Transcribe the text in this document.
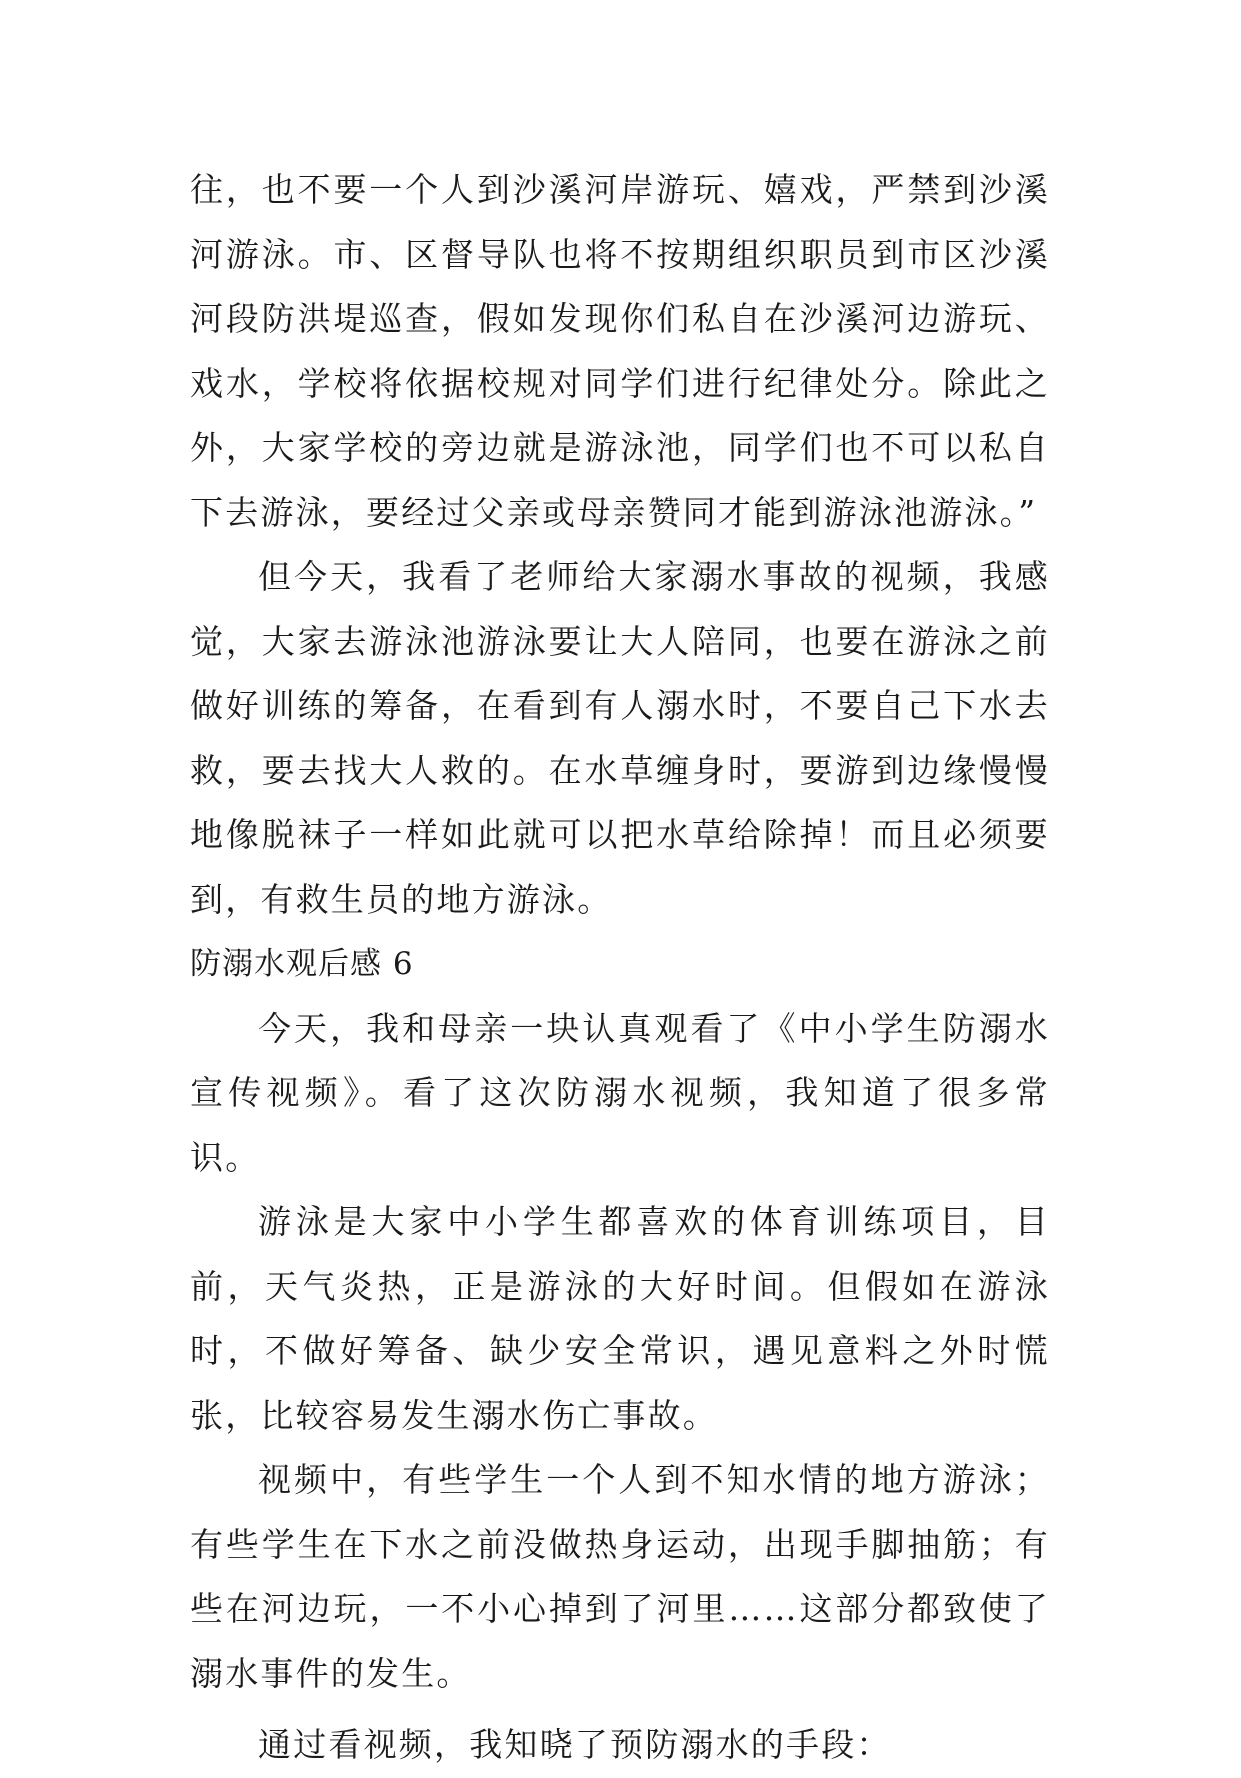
往，也不要一个人到沙溪河岸游玩、嬉戏，严禁到沙溪河游泳。市、区督导队也将不按期组织职员到市区沙溪河段防洪堤巡查，假如发现你们私自在沙溪河边游玩、戏水，学校将依据校规对同学们进行纪律处分。除此之外，大家学校的旁边就是游泳池，同学们也不可以私自下去游泳，要经过父亲或母亲赞同才能到游泳池游泳。”

但今天，我看了老师给大家溺水事故的视频，我感觉，大家去游泳池游泳要让大人陪同，也要在游泳之前做好训练的筹备，在看到有人溺水时，不要自己下水去救，要去找大人救的。在水草缠身时，要游到边缘慢慢地像脱袜子一样如此就可以把水草给除掉！而且必须要到，有救生员的地方游泳。

防溺水观后感 6

今天，我和母亲一块认真观看了《中小学生防溺水宣传视频》。看了这次防溺水视频，我知道了很多常识。

游泳是大家中小学生都喜欢的体育训练项目，目前，天气炎热，正是游泳的大好时间。但假如在游泳时，不做好筹备、缺少安全常识，遇见意料之外时慌张，比较容易发生溺水伤亡事故。

视频中，有些学生一个人到不知水情的地方游泳；有些学生在下水之前没做热身运动，出现手脚抽筋；有些在河边玩，一不小心掉到了河里……这部分都致使了溺水事件的发生。

通过看视频，我知晓了预防溺水的手段：
